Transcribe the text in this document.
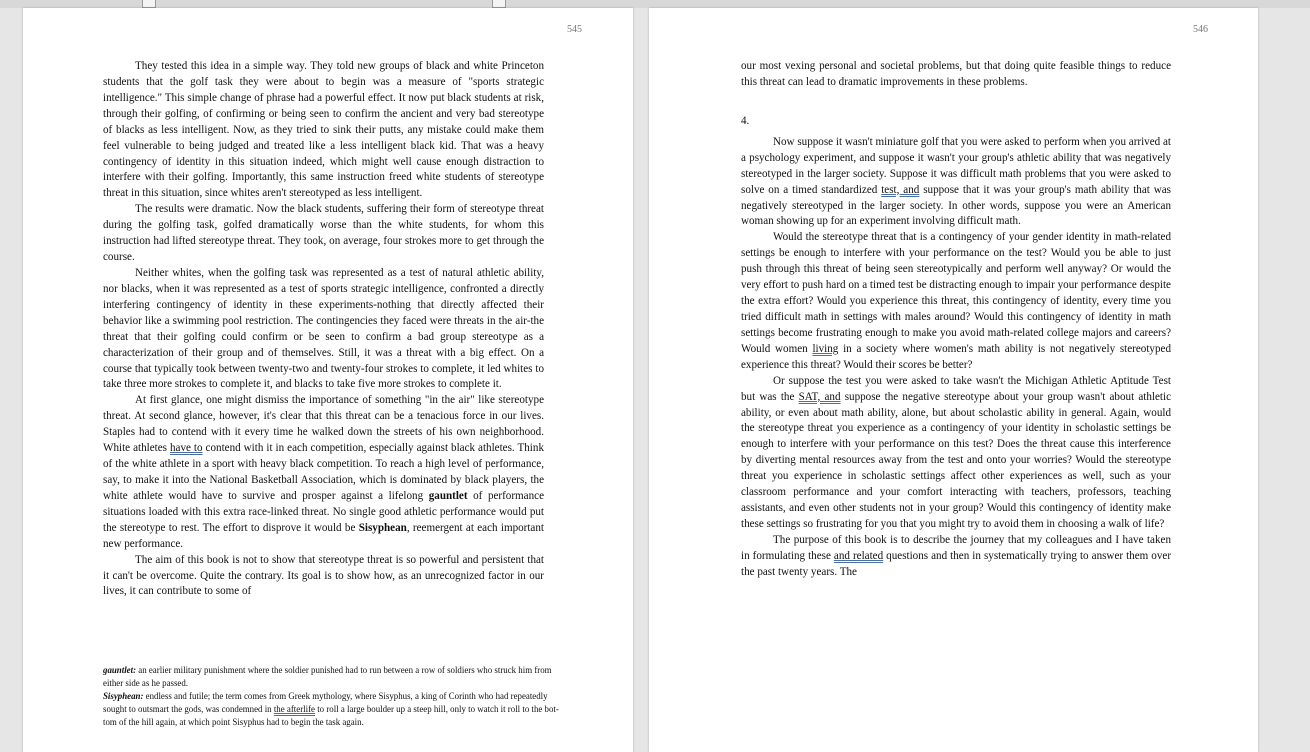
545

They tested this idea in a simple way. They told new groups of black and white Princeton students that the golf task they were about to begin was a measure of "sports strategic intelligence." This simple change of phrase had a powerful effect. It now put black students at risk, through their golfing, of confirming or being seen to confirm the ancient and very bad stereotype of blacks as less intelligent. Now, as they tried to sink their putts, any mistake could make them feel vulnerable to being judged and treated like a less intelligent black kid. That was a heavy contingency of identity in this situation indeed, which might well cause enough distraction to interfere with their golfing. Importantly, this same instruction freed white students of stereotype threat in this situation, since whites aren't stereotyped as less intelligent.

The results were dramatic. Now the black students, suffering their form of stereotype threat during the golfing task, golfed dramatically worse than the white students, for whom this instruction had lifted stereotype threat. They took, on average, four strokes more to get through the course.

Neither whites, when the golfing task was represented as a test of natural athletic ability, nor blacks, when it was represented as a test of sports strategic intelligence, confronted a directly interfering contingency of identity in these experiments-nothing that directly affected their behavior like a swimming pool restriction. The contingencies they faced were threats in the air-the threat that their golfing could confirm or be seen to confirm a bad group stereotype as a characterization of their group and of themselves. Still, it was a threat with a big effect. On a course that typically took between twenty-two and twenty-four strokes to complete, it led whites to take three more strokes to complete it, and blacks to take five more strokes to complete it.

At first glance, one might dismiss the importance of something "in the air" like stereotype threat. At second glance, however, it's clear that this threat can be a tenacious force in our lives. Staples had to contend with it every time he walked down the streets of his own neighborhood. White athletes have to contend with it in each competition, especially against black athletes. Think of the white athlete in a sport with heavy black competition. To reach a high level of performance, say, to make it into the National Basketball Association, which is dominated by black players, the white athlete would have to survive and prosper against a lifelong gauntlet of performance situations loaded with this extra race-linked threat. No single good athletic performance would put the stereotype to rest. The effort to disprove it would be Sisyphean, reemergent at each important new performance.

The aim of this book is not to show that stereotype threat is so powerful and persistent that it can't be overcome. Quite the contrary. Its goal is to show how, as an unrecognized factor in our lives, it can contribute to some of

gauntlet: an earlier military punishment where the soldier punished had to run between a row of soldiers who struck him from either side as he passed.

Sisyphean: endless and futile; the term comes from Greek mythology, where Sisyphus, a king of Corinth who had repeatedly sought to outsmart the gods, was condemned in the afterlife to roll a large boulder up a steep hill, only to watch it roll to the bot- tom of the hill again, at which point Sisyphus had to begin the task again.

546

our most vexing personal and societal problems, but that doing quite feasible things to reduce this threat can lead to dramatic improvements in these problems.

4.

Now suppose it wasn't miniature golf that you were asked to perform when you arrived at a psychology experiment, and suppose it wasn't your group's athletic ability that was negatively stereotyped in the larger society. Suppose it was difficult math problems that you were asked to solve on a timed standardized test, and suppose that it was your group's math ability that was negatively stereotyped in the larger society. In other words, suppose you were an American woman showing up for an experiment involving difficult math.

Would the stereotype threat that is a contingency of your gender identity in math-related settings be enough to interfere with your performance on the test? Would you be able to just push through this threat of being seen stereotypically and perform well anyway? Or would the very effort to push hard on a timed test be distracting enough to impair your performance despite the extra effort? Would you experience this threat, this contingency of identity, every time you tried difficult math in settings with males around? Would this contingency of identity in math settings become frustrating enough to make you avoid math-related college majors and careers? Would women living in a society where women's math ability is not negatively stereotyped experience this threat? Would their scores be better?

Or suppose the test you were asked to take wasn't the Michigan Athletic Aptitude Test but was the SAT, and suppose the negative stereotype about your group wasn't about athletic ability, or even about math ability, alone, but about scholastic ability in general. Again, would the stereotype threat you experience as a contingency of your identity in scholastic settings be enough to interfere with your performance on this test? Does the threat cause this interference by diverting mental resources away from the test and onto your worries? Would the stereotype threat you experience in scholastic settings affect other experiences as well, such as your classroom performance and your comfort interacting with teachers, professors, teaching assistants, and even other students not in your group? Would this contingency of identity make these settings so frustrating for you that you might try to avoid them in choosing a walk of life?

The purpose of this book is to describe the journey that my colleagues and I have taken in formulating these and related questions and then in systematically trying to answer them over the past twenty years. The
